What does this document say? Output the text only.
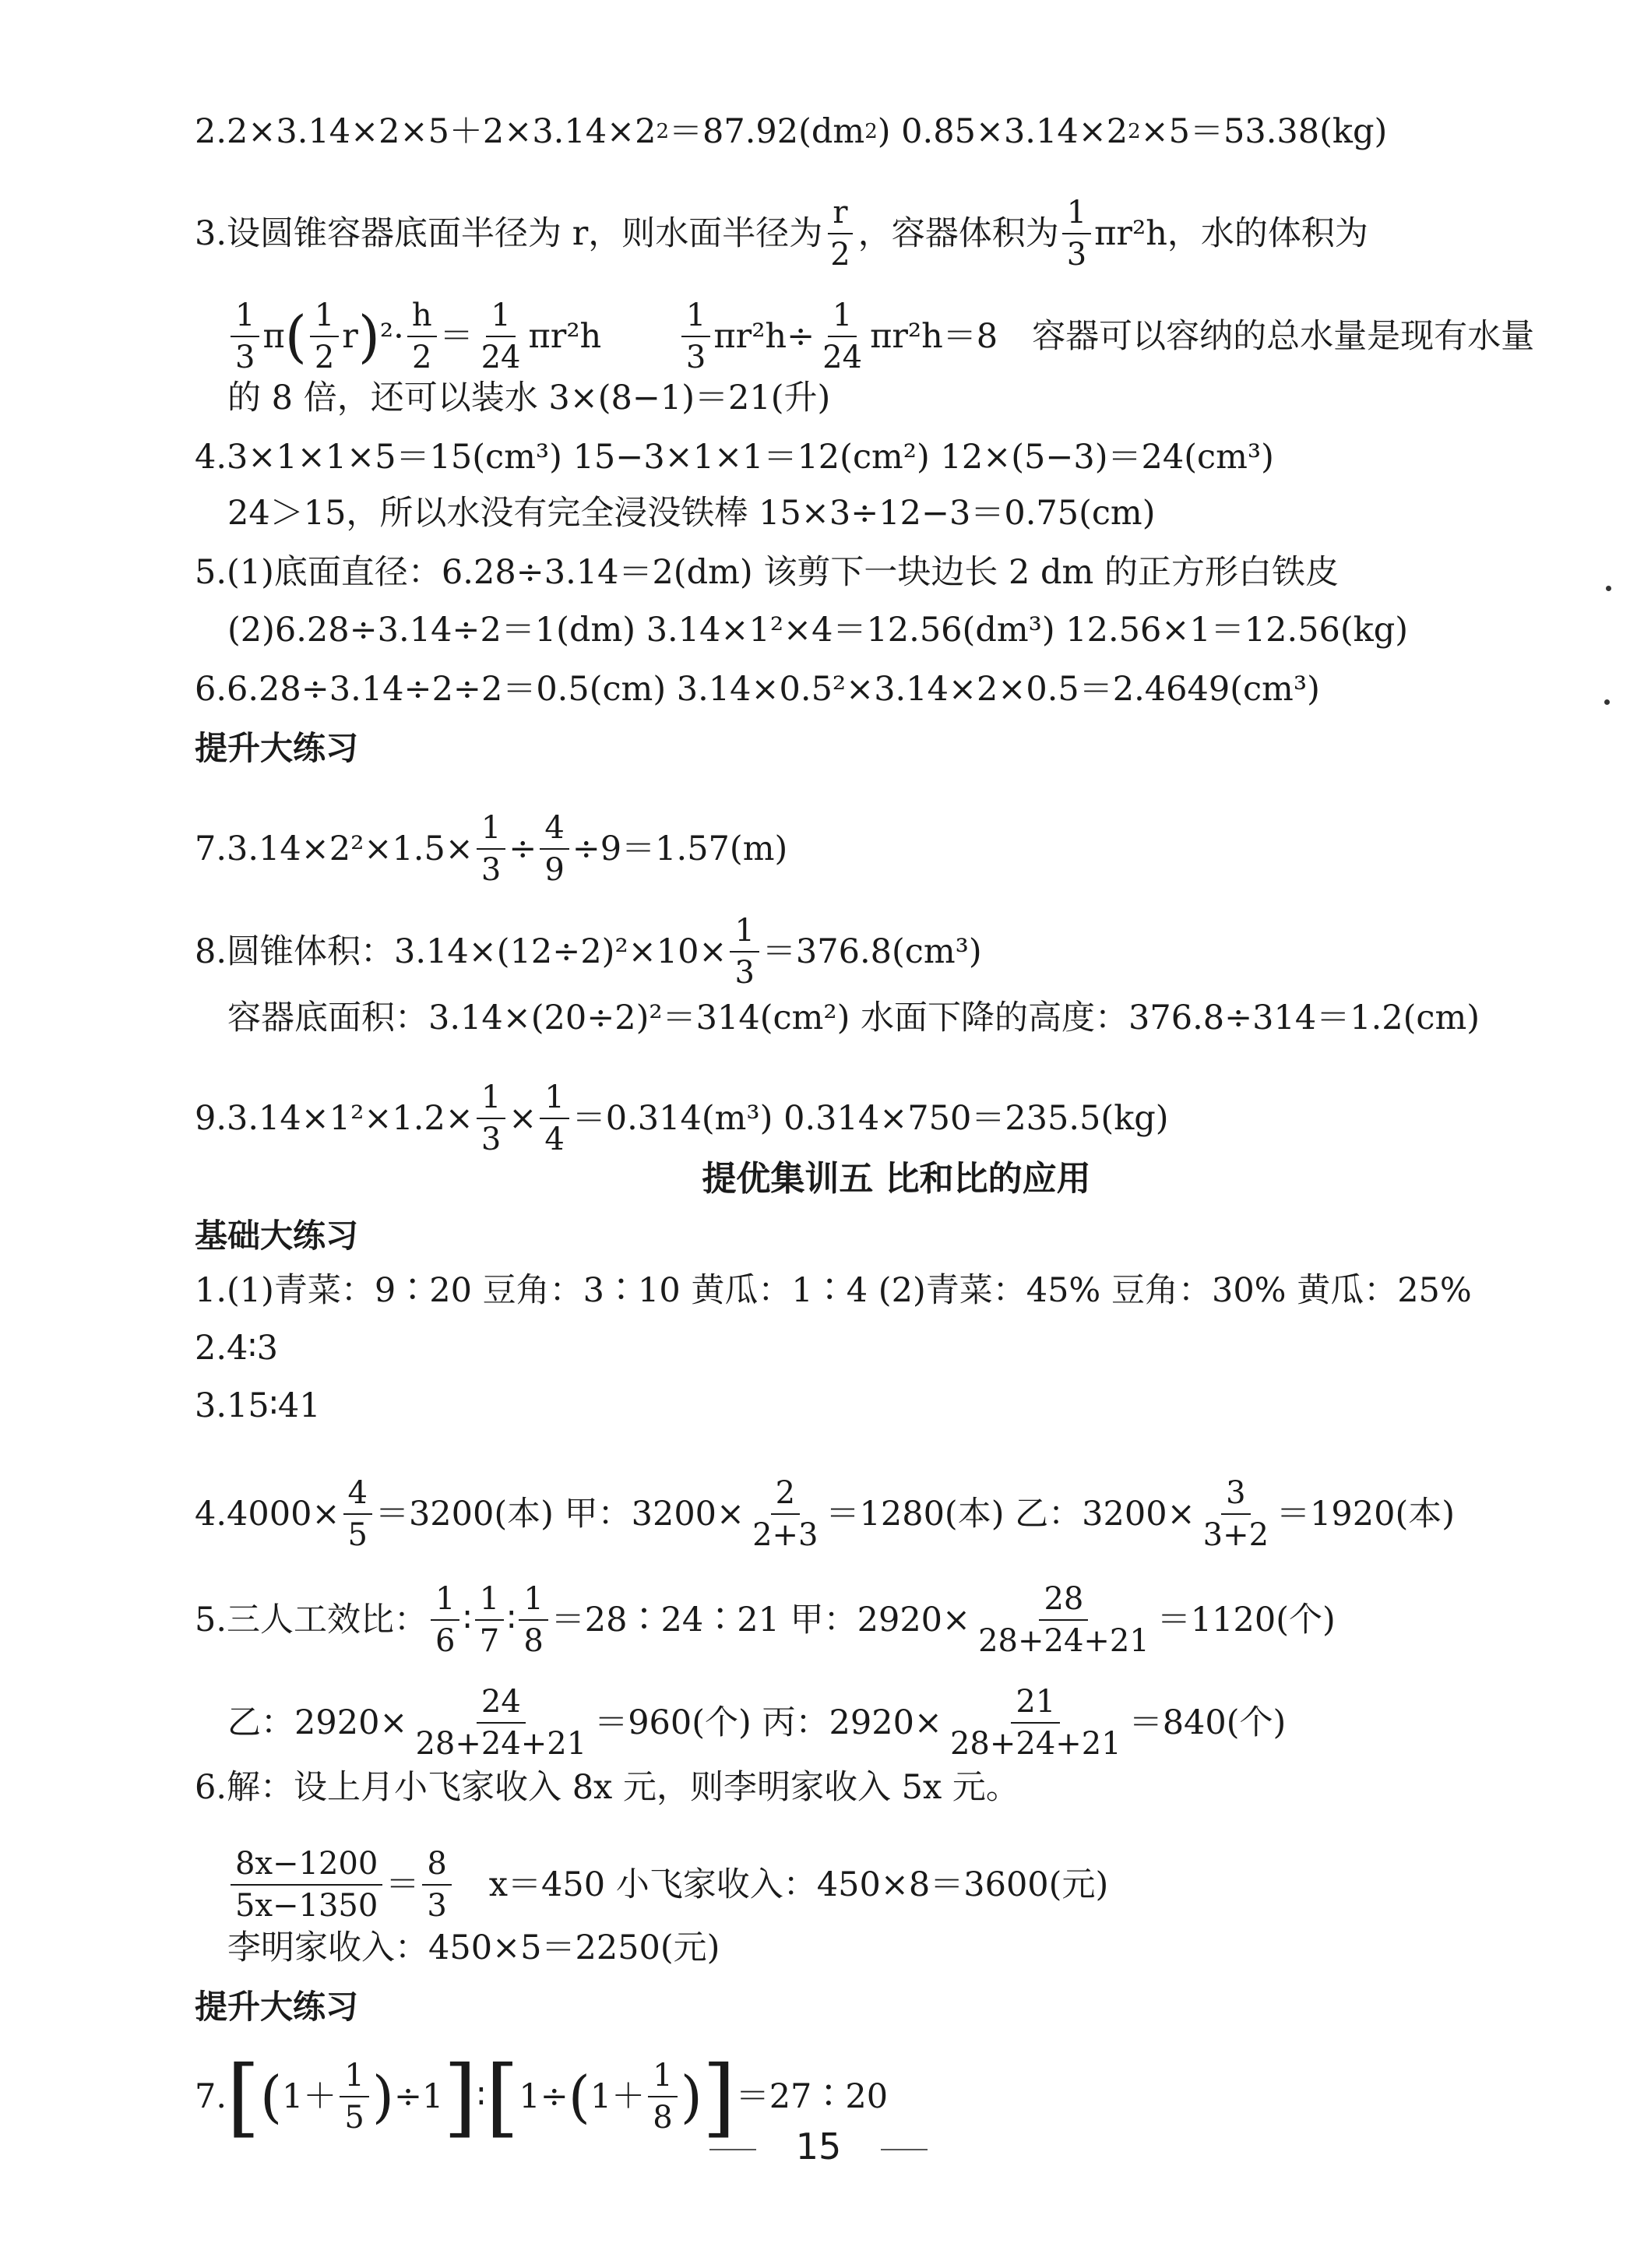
2.2×3.14×2×5＋2×3.14×2 2 ＝87.92(dm 2 ) 0.85×3.14×2 2 ×5＝53.38(kg)
3.设圆锥容器底面半径为 r，则水面半径为 $\frac{r}{2}$ ，容器体积为 $\frac{1}{3} \pi r^2h$，水的体积为
$\frac{1}{3}$ π ( $\frac{1}{2}$ r ) $^2\cdot \frac{h}{2} = \frac{1}{24} \pi r^2h \frac{1}{3} \pi r^2h\div \frac{1}{24} \pi r^2h=8$ 容器可以容纳的总水量是现有水量
的 8 倍，还可以装水 3×(8−1)＝21(升)
4.3×1×1×5＝15(cm³) 15−3×1×1＝12(cm²) 12×(5−3)＝24(cm³)
24＞15，所以水没有完全浸没铁棒 15×3÷12−3＝0.75(cm)
5.(1)底面直径：6.28÷3.14＝2(dm) 该剪下一块边长 2 dm 的正方形白铁皮
(2)6.28÷3.14÷2＝1(dm) 3.14×1²×4＝12.56(dm³) 12.56×1＝12.56(kg)
6.6.28÷3.14÷2÷2＝0.5(cm) 3.14×0.5²×3.14×2×0.5＝2.4649(cm³)
提升大练习
$7.3.14\times 2^2\times 1.5\times \frac{1}{3} \div \frac{4}{9} \div 9 =1.57(m)$
8.圆锥体积：$3.14\times(12\div 2)^2\times 10\times \frac{1}{3} =376.8(cm^3)$
容器底面积：3.14×(20÷2)²＝314(cm²) 水面下降的高度：376.8÷314＝1.2(cm)
$9.3.14\times 1^2\times 1.2\times \frac{1}{3} \times \frac{1}{4} =0.314(m^3)$ 0.314×750＝235.5(kg)
提优集训五 比和比的应用
基础大练习
1.(1)青菜：9∶20 豆角：3∶10 黄瓜：1∶4 (2)青菜：45% 豆角：30% 黄瓜：25%
2.4∶3
3.15∶41
$4.4000\times \frac{4}{5} =3200$(本) 甲：$3200\times \frac{2}{2+3} =1280$(本) 乙：$3200\times \frac{3}{3+2} =1920$(本)
5.三人工效比： $\frac{1}{6}$ ∶ $\frac{1}{7}$ ∶ $\frac{1}{8}$ ＝28∶24∶21 甲：$2920\times \frac{28}{28+24+21} =1120$(个)
乙：$2920\times \frac{24}{28+24+21} =960$(个) 丙：$2920\times \frac{21}{28+24+21} =840$(个)
6.解：设上月小飞家收入 8x 元，则李明家收入 5x 元。
$\frac{8x-1200}{5x-1350} = \frac{8}{3} x=450$ 小飞家收入：450×8＝3600(元)
李明家收入：450×5＝2250(元)
提升大练习
7. [ ( $1+ \frac{1}{5}$ ) ÷1 ] ∶ [ 1÷ ( $1+ \frac{1}{8}$ ) ] ＝27∶20
15
